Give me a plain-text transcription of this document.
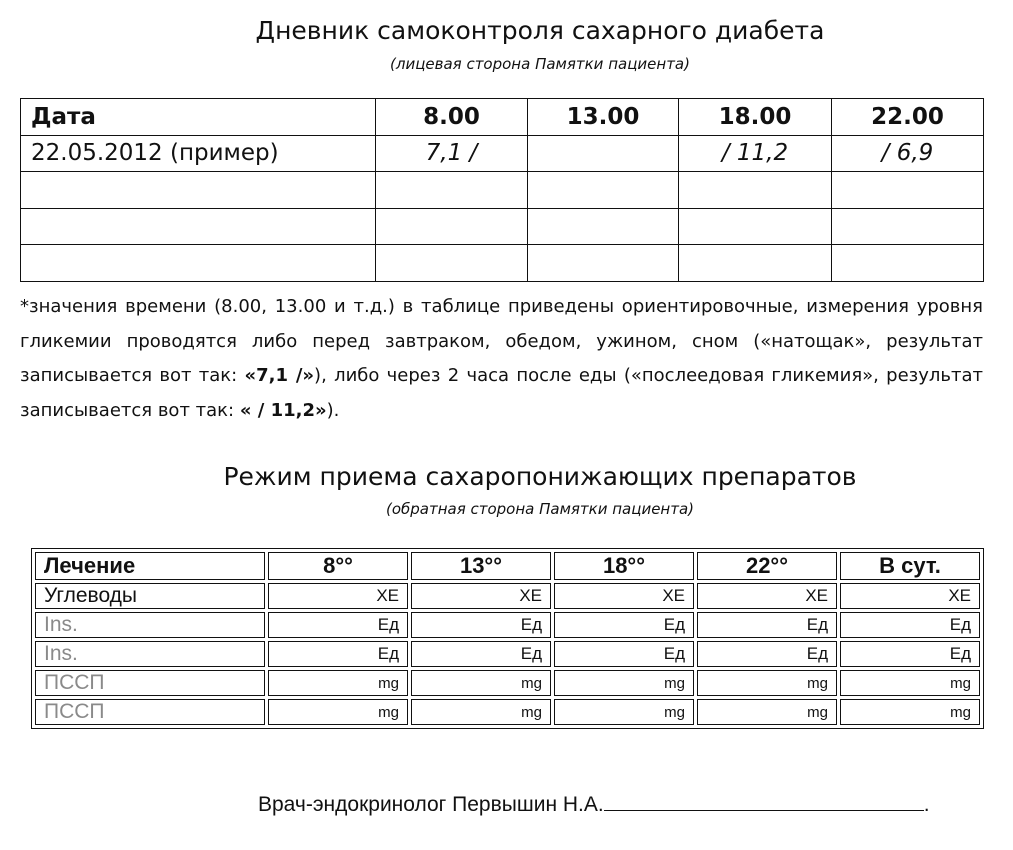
Дневник самоконтроля сахарного диабета
(лицевая сторона Памятки пациента)
Дата	8.00	13.00	18.00	22.00
22.05.2012 (пример)	7,1 /		/ 11,2	/ 6,9

*значения времени (8.00, 13.00 и т.д.) в таблице приведены ориентировочные, измерения уровня гликемии проводятся либо перед завтраком, обедом, ужином, сном («натощак», результат записывается вот так: «7,1 /»), либо через 2 часа после еды («послеедовая гликемия», результат записывается вот так: « / 11,2»).
Режим приема сахаропонижающих препаратов
(обратная сторона Памятки пациента)
Лечение	8°°	13°°	18°°	22°°	В сут.
Углеводы	ХЕ	ХЕ	ХЕ	ХЕ	ХЕ
Ins.	Ед	Ед	Ед	Ед	Ед
Ins.	Ед	Ед	Ед	Ед	Ед
ПССП	mg	mg	mg	mg	mg
ПССП	mg	mg	mg	mg	mg
Врач-эндокринолог Первышин Н.А.	.
